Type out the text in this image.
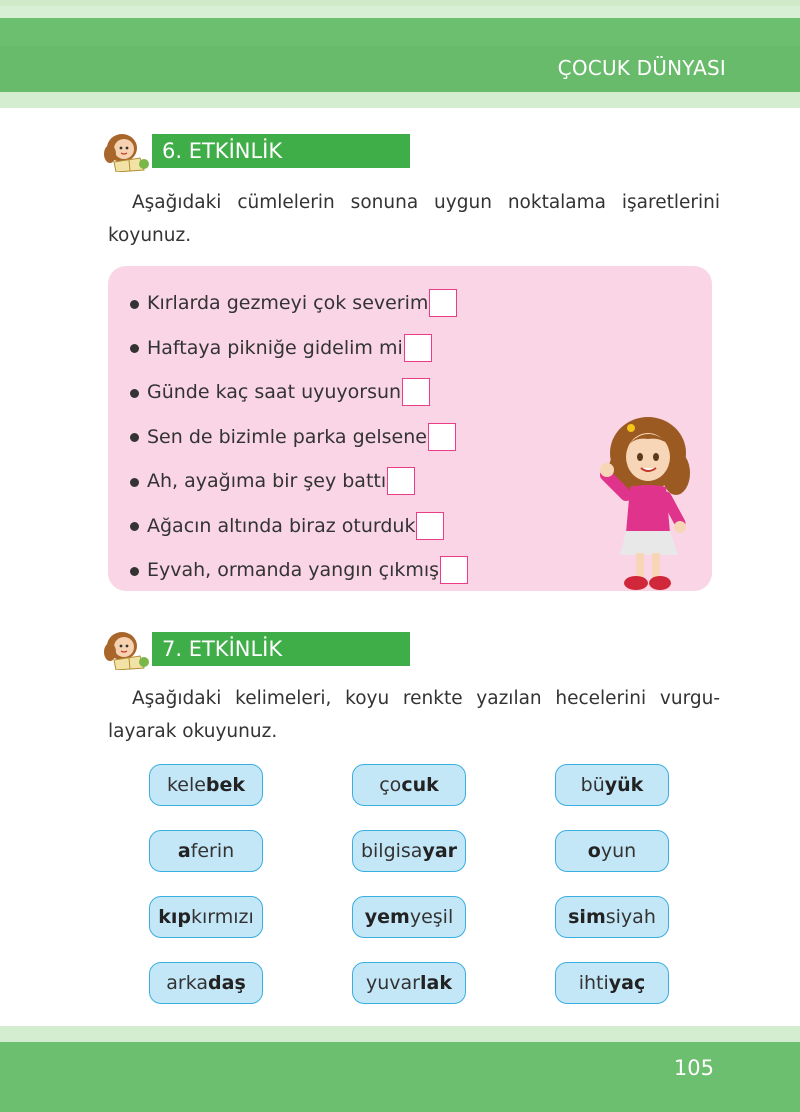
ÇOCUK DÜNYASI
6. ETKİNLİK
Aşağıdaki cümlelerin sonuna uygun noktalama işaretlerini
koyunuz.
Kırlarda gezmeyi çok severim
Haftaya pikniğe gidelim mi
Günde kaç saat uyuyorsun
Sen de bizimle parka gelsene
Ah, ayağıma bir şey battı
Ağacın altında biraz oturduk
Eyvah, ormanda yangın çıkmış
7. ETKİNLİK
Aşağıdaki kelimeleri, koyu renkte yazılan hecelerini vurgu-
layarak okuyunuz.
kele bek	ço cuk	bü yük
a ferin	bilgisa yar	o yun
kıp kırmızı	yem yeşil	sim siyah
arka daş	yuvar lak	ihti yaç
105
